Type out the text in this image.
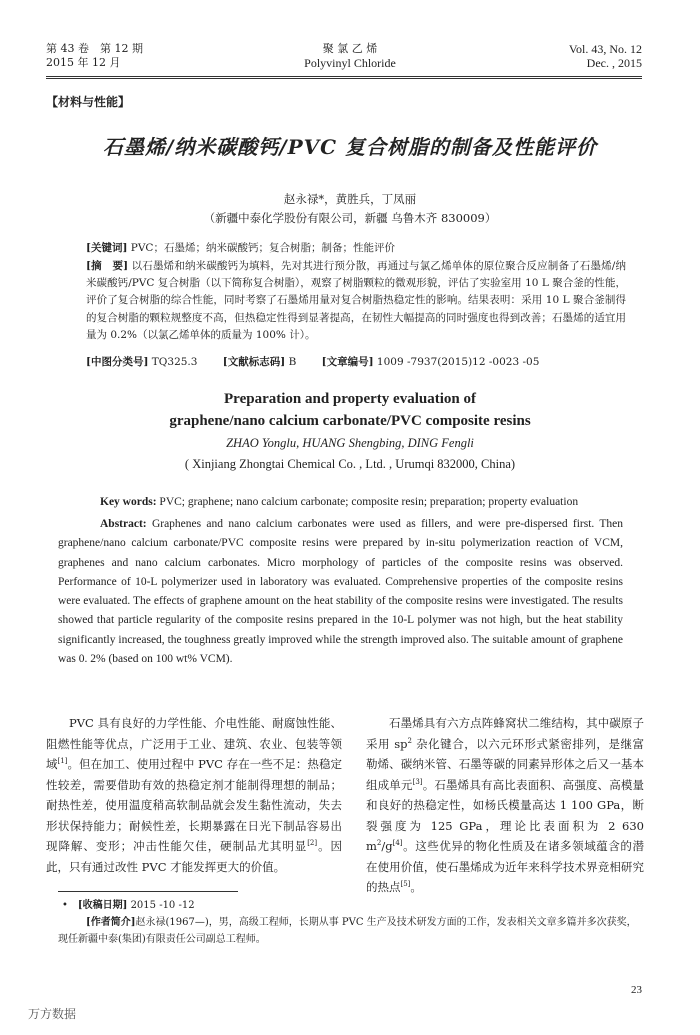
第 43 卷　第 12 期
2015 年 12 月
聚 氯 乙 烯
Polyvinyl Chloride
Vol. 43, No. 12
Dec. , 2015
【材料与性能】
石墨烯/纳米碳酸钙/PVC 复合树脂的制备及性能评价
赵永禄*，黄胜兵，丁凤丽
（新疆中泰化学股份有限公司，新疆 乌鲁木齐 830009）
[关键词] PVC；石墨烯；纳米碳酸钙；复合树脂；制备；性能评价
[摘　要] 以石墨烯和纳米碳酸钙为填料，先对其进行预分散，再通过与氯乙烯单体的原位聚合反应制备了石墨烯/纳米碳酸钙/PVC 复合树脂（以下简称复合树脂），观察了树脂颗粒的微观形貌，评估了实验室用 10 L 聚合釜的性能，评价了复合树脂的综合性能，同时考察了石墨烯用量对复合树脂热稳定性的影响。结果表明：采用 10 L 聚合釜制得的复合树脂的颗粒规整度不高，但热稳定性得到显著提高，在韧性大幅提高的同时强度也得到改善；石墨烯的适宜用量为 0.2%（以氯乙烯单体的质量为 100% 计）。
[中图分类号] TQ325.3 [文献标志码] B [文章编号] 1009 -7937(2015)12 -0023 -05
Preparation and property evaluation of
graphene/nano calcium carbonate/PVC composite resins
ZHAO Yonglu, HUANG Shengbing, DING Fengli
( Xinjiang Zhongtai Chemical Co. , Ltd. , Urumqi 832000, China)
Key words: PVC; graphene; nano calcium carbonate; composite resin; preparation; property evaluation
Abstract: Graphenes and nano calcium carbonates were used as fillers, and were pre-dispersed first. Then graphene/nano calcium carbonate/PVC composite resins were prepared by in-situ polymerization reaction of VCM, graphenes and nano calcium carbonates. Micro morphology of particles of the composite resins was observed. Performance of 10-L polymerizer used in laboratory was evaluated. Comprehensive properties of the composite resins were evaluated. The effects of graphene amount on the heat stability of the composite resins were investigated. The results showed that particle regularity of the composite resins prepared in the 10-L polymer was not high, but the heat stability significantly increased, the toughness greatly improved while the strength improved also. The suitable amount of graphene was 0. 2% (based on 100 wt% VCM).
PVC 具有良好的力学性能、介电性能、耐腐蚀性能、阻燃性能等优点，广泛用于工业、建筑、农业、包装等领域[1]。但在加工、使用过程中 PVC 存在一些不足：热稳定性较差，需要借助有效的热稳定剂才能制得理想的制品；耐热性差，使用温度稍高软制品就会发生黏性流动，失去形状保持能力；耐候性差，长期暴露在日光下制品容易出现降解、变形；冲击性能欠佳，硬制品尤其明显[2]。因此，只有通过改性 PVC 才能发挥更大的价值。
石墨烯具有六方点阵蜂窝状二维结构，其中碳原子采用 $sp^2$ 杂化键合，以六元环形式紧密排列，是继富勒烯、碳纳米管、石墨等碳的同素异形体之后又一基本组成单元[3]。石墨烯具有高比表面积、高强度、高模量和良好的热稳定性，如杨氏模量高达 1 100 GPa，断裂强度为 125 GPa，理论比表面积为 2 630 $m^2/g[4]$。这些优异的物化性质及在诸多领域蕴含的潜在使用价值，使石墨烯成为近年来科学技术界竞相研究的热点[5]。
•　[收稿日期] 2015 -10 -12
[作者简介]赵永禄(1967—)，男，高级工程师，长期从事 PVC 生产及技术研发方面的工作，发表相关文章多篇并多次获奖，现任新疆中泰(集团)有限责任公司副总工程师。
23
万方数据
